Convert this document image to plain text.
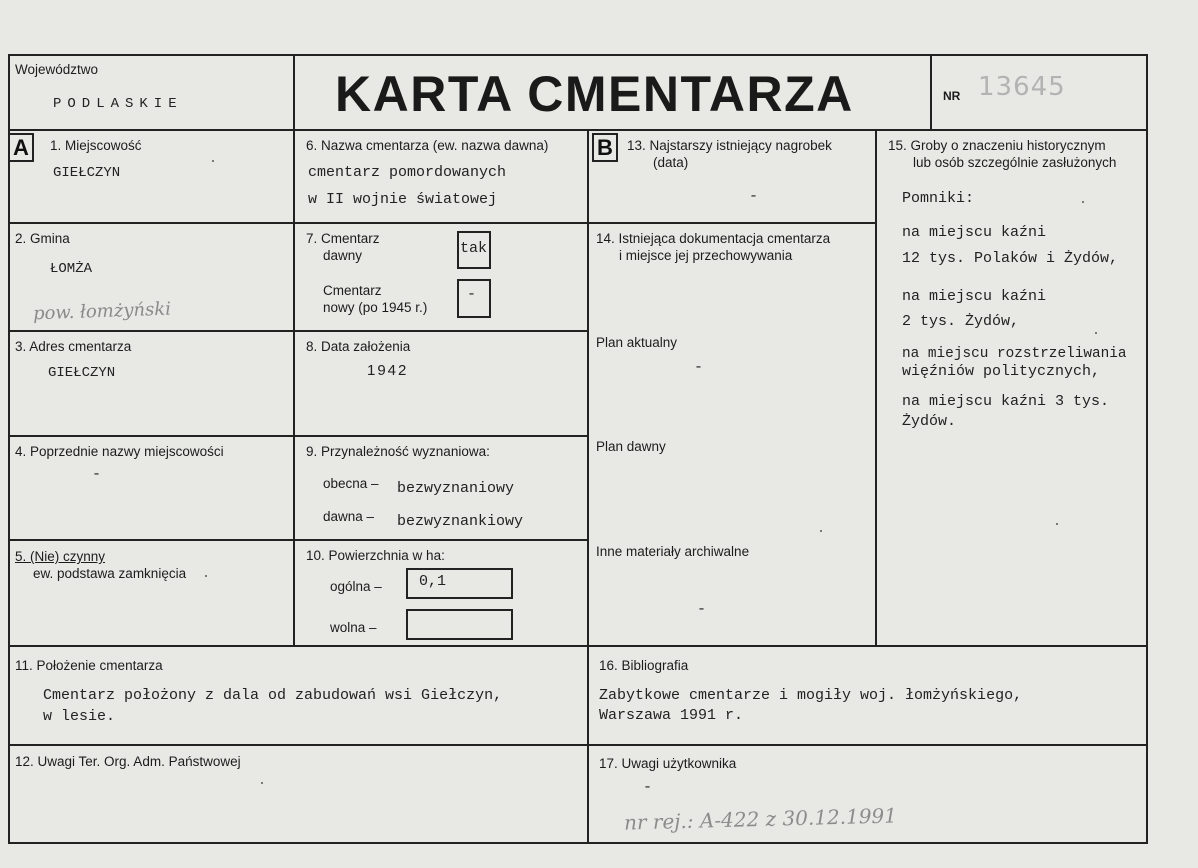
Województwo
PODLASKIE	KARTA CMENTARZA	NR 13645
A	1. Miejscowość
GIEŁCZYN
2. Gmina
ŁOMŻA
pow. łomżyński
3. Adres cmentarza
GIEŁCZYN
4. Poprzednie nazwy miejscowości
-
5. (Nie) czynny
ew. podstawa zamknięcia
6. Nazwa cmentarza (ew. nazwa dawna)
cmentarz pomordowanych
w II wojnie światowej
7. Cmentarz
dawny	tak
Cmentarz
nowy (po 1945 r.)
-
8. Data założenia
1942
9. Przynależność wyznaniowa:
obecna – bezwyznaniowy
dawna – bezwyznankiowy
10. Powierzchnia w ha:
ogólna – 0,1
wolna –
B	13. Najstarszy istniejący nagrobek
(data)
-
14. Istniejąca dokumentacja cmentarza
i miejsce jej przechowywania
Plan aktualny
-
Plan dawny
Inne materiały archiwalne
-
15. Groby o znaczeniu historycznym
lub osób szczególnie zasłużonych
Pomniki:
na miejscu kaźni
12 tys. Polaków i Żydów,
na miejscu kaźni
2 tys. Żydów,
na miejscu rozstrzeliwania
więźniów politycznych,
na miejscu kaźni 3 tys.
Żydów.
11. Położenie cmentarza
Cmentarz położony z dala od zabudowań wsi Giełczyn,
w lesie.
16. Bibliografia
Zabytkowe cmentarze i mogiły woj. łomżyńskiego,
Warszawa 1991 r.
12. Uwagi Ter. Org. Adm. Państwowej	17. Uwagi użytkownika
-
nr rej.: A-422 z 30.12.1991
